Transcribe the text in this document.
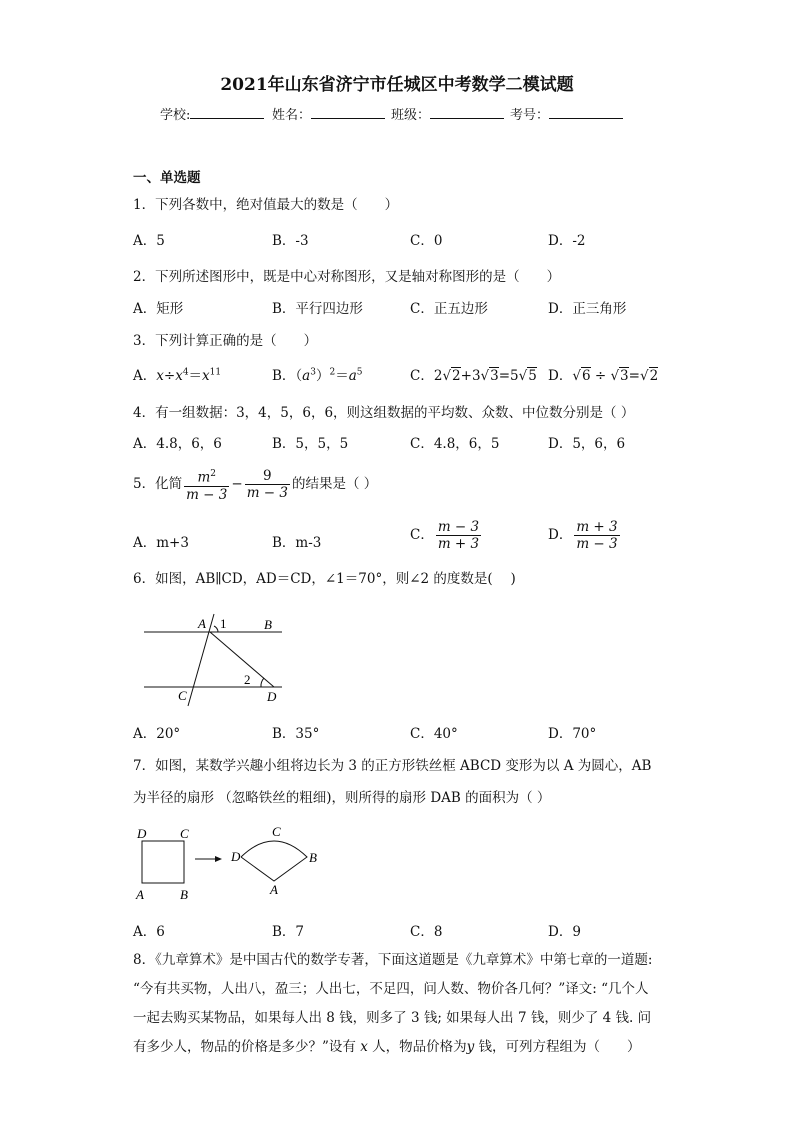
2021年山东省济宁市任城区中考数学二模试题
学校:	姓名：	班级：	考号：
一、单选题
1．下列各数中，绝对值最大的数是（　　）
A．5	B．-3	C．0	D．-2
2．下列所述图形中，既是中心对称图形，又是轴对称图形的是（　　）
A．矩形	B．平行四边形	C．正五边形	D．正三角形
3．下列计算正确的是（　　）
A．$x\div x^4=x^{11}$	B．$(a^3)^2=a^5$	C．2√2+3√3=5√5 D．√6 ÷ √3=√2
4．有一组数据：3，4，5，6，6，则这组数据的平均数、众数、中位数分别是（ ）
A．4.8，6，6	B．5，5，5	C．4.8，6，5	D．5，6，6
5．化简 $\frac{m^2}{m - 3} - \frac{9}{m - 3}$ 的结果是（ ）
A．m+3	B．m-3	C． $\frac{m - 3}{m + 3}$	D． $\frac{m + 3}{m - 3}$
6．如图，AB∥CD，AD＝CD，∠1＝70°，则∠2 的度数是(　 )
A 1	B
C
2
D
A．20°	B．35°	C．40°	D．70°
7．如图，某数学兴趣小组将边长为 3 的正方形铁丝框 ABCD 变形为以 A 为圆心，AB
为半径的扇形 （忽略铁丝的粗细)，则所得的扇形 DAB 的面积为（ ）
D	C
A	B
D
C
B
A
A．6	B．7	C．8	D．9
8．《九章算术》是中国古代的数学专著，下面这道题是《九章算术》中第七章的一道题: “今有共买物，人出八，盈三；人出七，不足四，问人数、物价各几何？”译文: “几个人一起去购买某物品，如果每人出 8 钱，则多了 3 钱; 如果每人出 7 钱，则少了 4 钱. 问有多少人，物品的价格是多少？”设有 x 人，物品价格为y 钱，可列方程组为（　　）
